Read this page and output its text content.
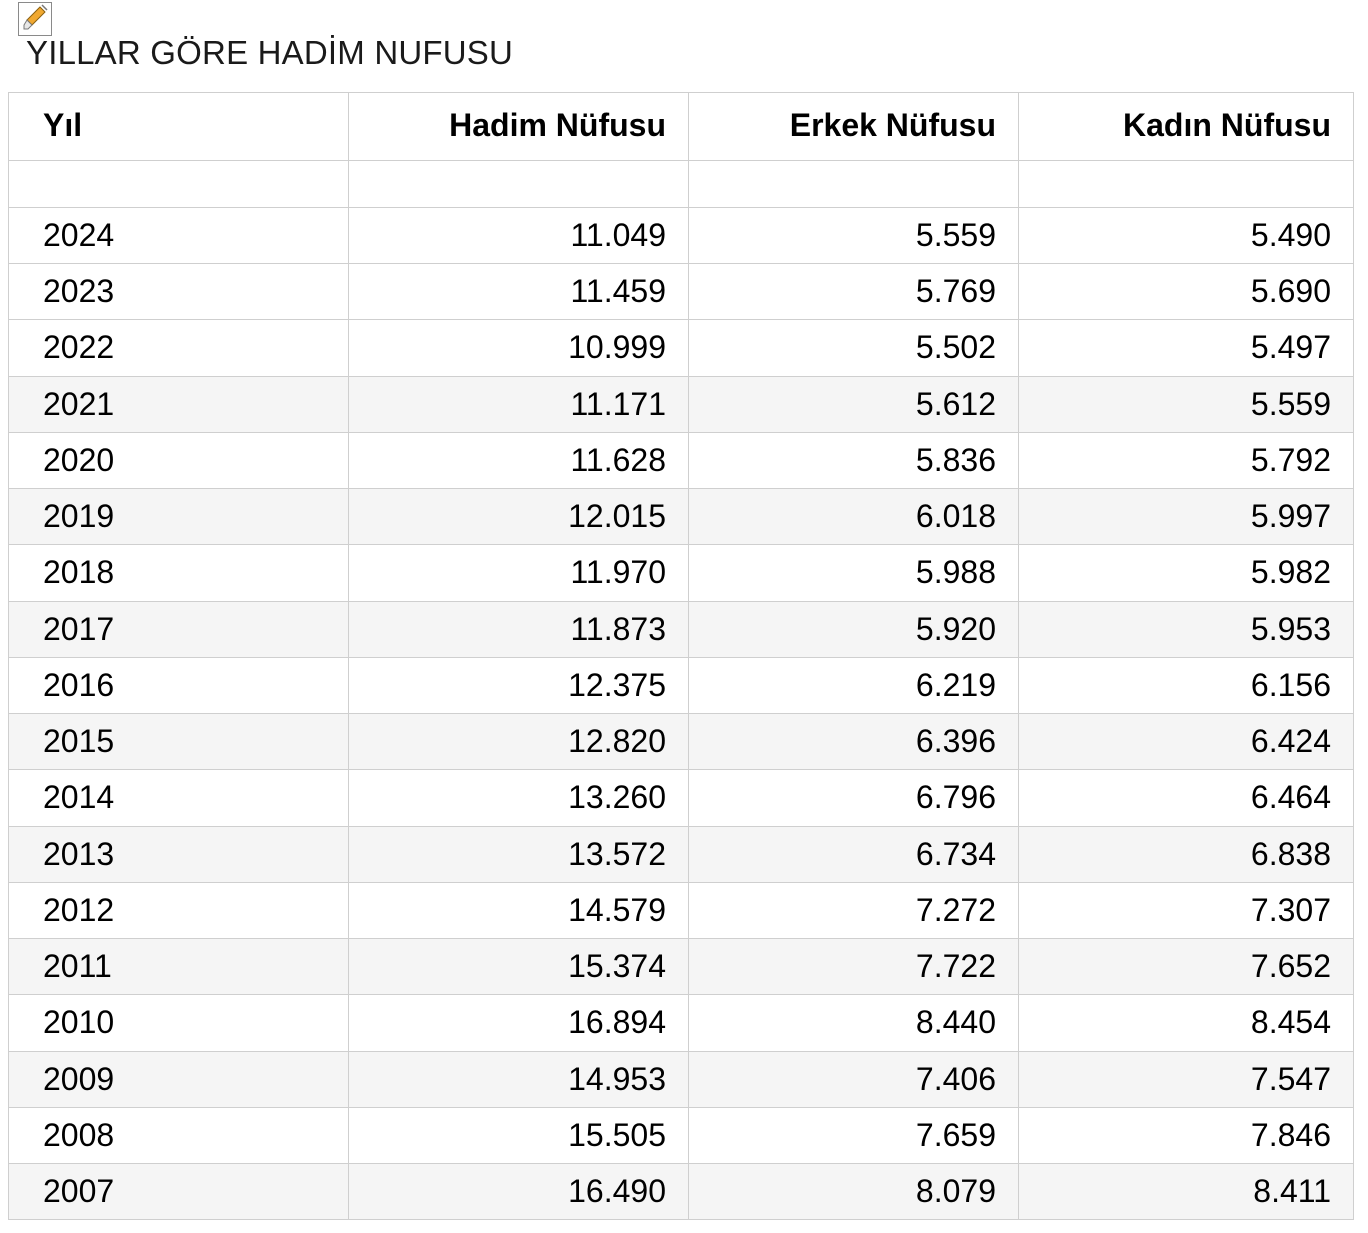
YILLAR GÖRE HADİM NUFUSU
Yıl	Hadim Nüfusu	Erkek Nüfusu	Kadın Nüfusu

2024	11.049	5.559	5.490
2023	11.459	5.769	5.690
2022	10.999	5.502	5.497
2021	11.171	5.612	5.559
2020	11.628	5.836	5.792
2019	12.015	6.018	5.997
2018	11.970	5.988	5.982
2017	11.873	5.920	5.953
2016	12.375	6.219	6.156
2015	12.820	6.396	6.424
2014	13.260	6.796	6.464
2013	13.572	6.734	6.838
2012	14.579	7.272	7.307
2011	15.374	7.722	7.652
2010	16.894	8.440	8.454
2009	14.953	7.406	7.547
2008	15.505	7.659	7.846
2007	16.490	8.079	8.411
